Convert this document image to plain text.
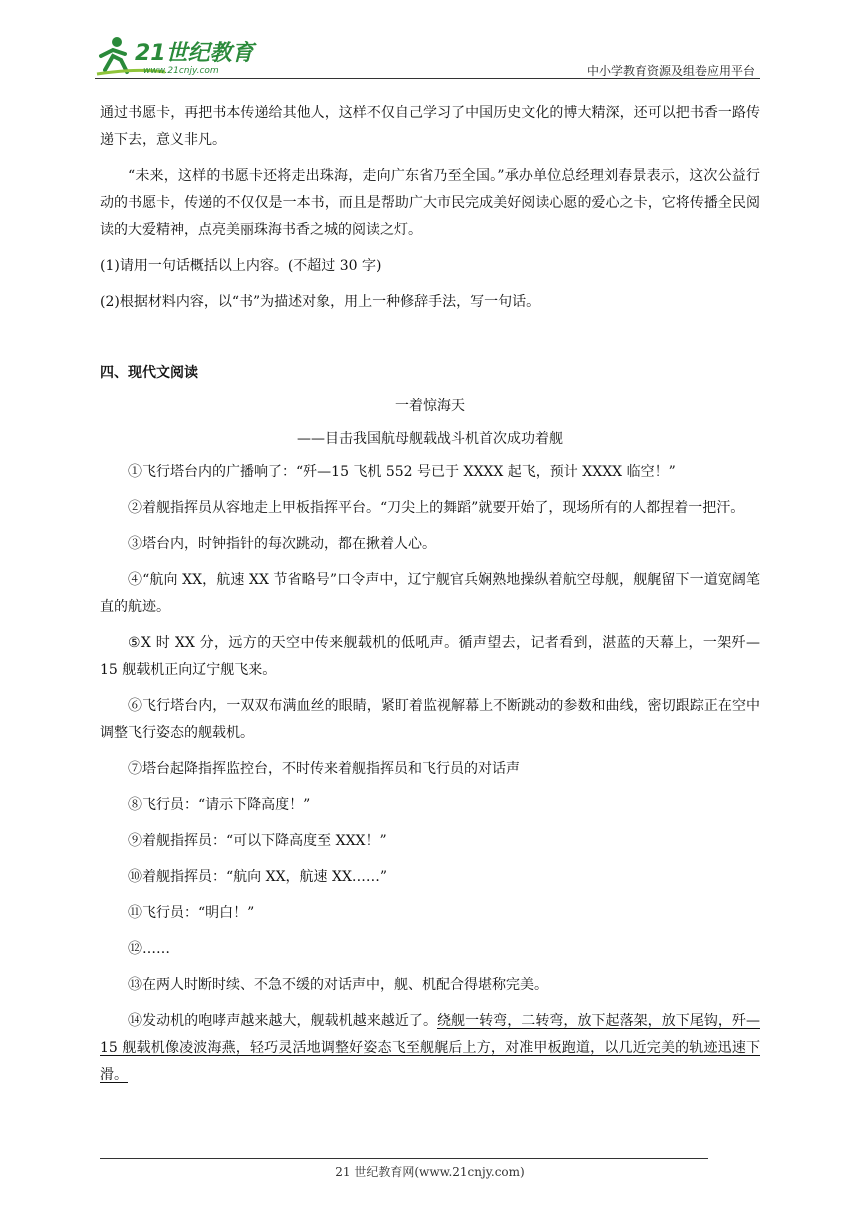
21世纪教育
www.21cnjy.com	中小学教育资源及组卷应用平台

通过书愿卡，再把书本传递给其他人，这样不仅自己学习了中国历史文化的博大精深，还可以把书香一路传递下去，意义非凡。

“未来，这样的书愿卡还将走出珠海，走向广东省乃至全国。”承办单位总经理刘春景表示，这次公益行动的书愿卡，传递的不仅仅是一本书，而且是帮助广大市民完成美好阅读心愿的爱心之卡，它将传播全民阅读的大爱精神，点亮美丽珠海书香之城的阅读之灯。

(1)请用一句话概括以上内容。(不超过 30 字)

(2)根据材料内容，以“书”为描述对象，用上一种修辞手法，写一句话。

四、现代文阅读
一着惊海天
——目击我国航母舰载战斗机首次成功着舰

①飞行塔台内的广播响了：“歼—15 飞机 552 号已于 XXXX 起飞，预计 XXXX 临空！”

②着舰指挥员从容地走上甲板指挥平台。“刀尖上的舞蹈”就要开始了，现场所有的人都捏着一把汗。

③塔台内，时钟指针的每次跳动，都在揪着人心。

④“航向 XX，航速 XX 节省略号”口令声中，辽宁舰官兵娴熟地操纵着航空母舰，舰艉留下一道宽阔笔直的航迹。

⑤X 时 XX 分，远方的天空中传来舰载机的低吼声。循声望去，记者看到，湛蓝的天幕上，一架歼—15 舰载机正向辽宁舰飞来。

⑥飞行塔台内，一双双布满血丝的眼睛，紧盯着监视解幕上不断跳动的参数和曲线，密切跟踪正在空中调整飞行姿态的舰载机。

⑦塔台起降指挥监控台，不时传来着舰指挥员和飞行员的对话声

⑧飞行员：“请示下降高度！”

⑨着舰指挥员：“可以下降高度至 XXX！”

⑩着舰指挥员：“航向 XX，航速 XX……”

⑪飞行员：“明白！”

⑫……

⑬在两人时断时续、不急不缓的对话声中，舰、机配合得堪称完美。

⑭发动机的咆哮声越来越大，舰载机越来越近了。绕舰一转弯，二转弯，放下起落架，放下尾钩，歼—15 舰载机像凌波海燕，轻巧灵活地调整好姿态飞至舰艉后上方，对准甲板跑道，以几近完美的轨迹迅速下滑。

21 世纪教育网(www.21cnjy.com)
